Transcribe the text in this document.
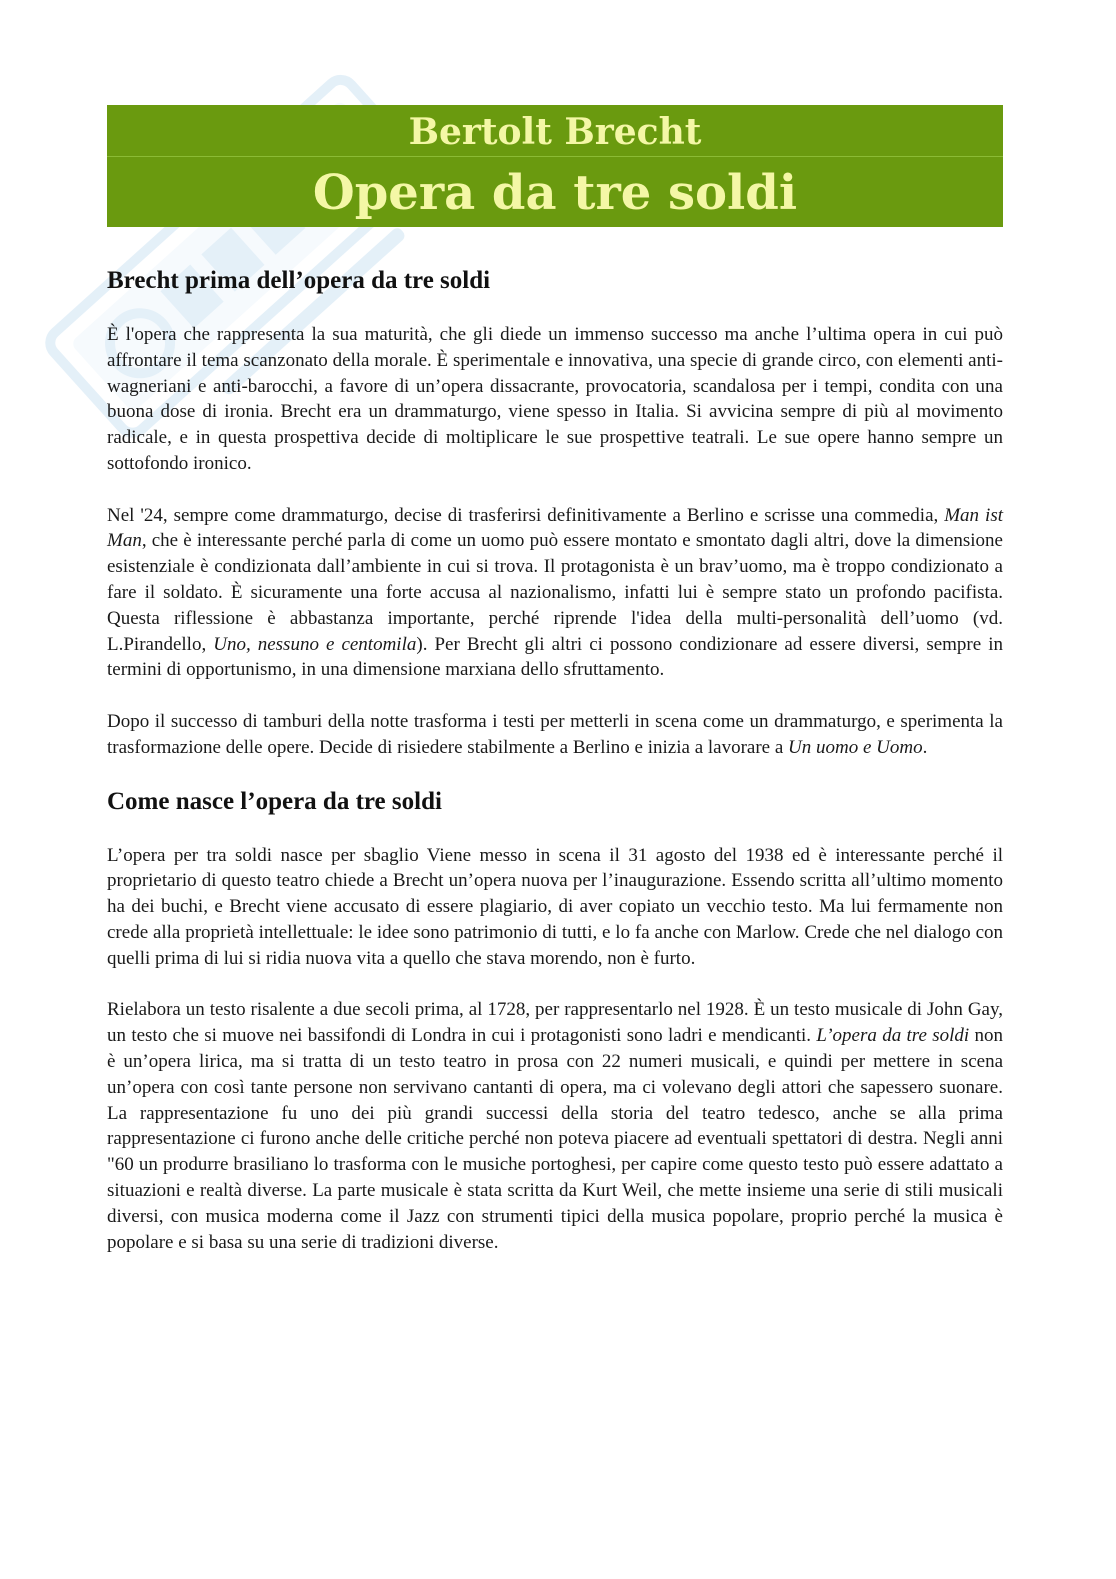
Bertolt Brecht
Opera da tre soldi
Brecht prima dell’opera da tre soldi

È l'opera che rappresenta la sua maturità, che gli diede un immenso successo ma anche l’ultima opera in cui può affrontare il tema scanzonato della morale. È sperimentale e innovativa, una specie di grande circo, con elementi anti-wagneriani e anti-barocchi, a favore di un’opera dissacrante, provocatoria, scandalosa per i tempi, condita con una buona dose di ironia. Brecht era un drammaturgo, viene spesso in Italia. Si avvicina sempre di più al movimento radicale, e in questa prospettiva decide di moltiplicare le sue prospettive teatrali. Le sue opere hanno sempre un sottofondo ironico.

Nel '24, sempre come drammaturgo, decise di trasferirsi definitivamente a Berlino e scrisse una commedia, Man ist Man, che è interessante perché parla di come un uomo può essere montato e smontato dagli altri, dove la dimensione esistenziale è condizionata dall’ambiente in cui si trova. Il protagonista è un brav’uomo, ma è troppo condizionato a fare il soldato. È sicuramente una forte accusa al nazionalismo, infatti lui è sempre stato un profondo pacifista. Questa riflessione è abbastanza importante, perché riprende l'idea della multi-personalità dell’uomo (vd. L.Pirandello, Uno, nessuno e centomila). Per Brecht gli altri ci possono condizionare ad essere diversi, sempre in termini di opportunismo, in una dimensione marxiana dello sfruttamento.

Dopo il successo di tamburi della notte trasforma i testi per metterli in scena come un drammaturgo, e sperimenta la trasformazione delle opere. Decide di risiedere stabilmente a Berlino e inizia a lavorare a Un uomo e Uomo.

Come nasce l’opera da tre soldi

L’opera per tra soldi nasce per sbaglio Viene messo in scena il 31 agosto del 1938 ed è interessante perché il proprietario di questo teatro chiede a Brecht un’opera nuova per l’inaugurazione. Essendo scritta all’ultimo momento ha dei buchi, e Brecht viene accusato di essere plagiario, di aver copiato un vecchio testo. Ma lui fermamente non crede alla proprietà intellettuale: le idee sono patrimonio di tutti, e lo fa anche con Marlow. Crede che nel dialogo con quelli prima di lui si ridia nuova vita a quello che stava morendo, non è furto.

Rielabora un testo risalente a due secoli prima, al 1728, per rappresentarlo nel 1928. È un testo musicale di John Gay, un testo che si muove nei bassifondi di Londra in cui i protagonisti sono ladri e mendicanti. L’opera da tre soldi non è un’opera lirica, ma si tratta di un testo teatro in prosa con 22 numeri musicali, e quindi per mettere in scena un’opera con così tante persone non servivano cantanti di opera, ma ci volevano degli attori che sapessero suonare. La rappresentazione fu uno dei più grandi successi della storia del teatro tedesco, anche se alla prima rappresentazione ci furono anche delle critiche perché non poteva piacere ad eventuali spettatori di destra. Negli anni "60 un produrre brasiliano lo trasforma con le musiche portoghesi, per capire come questo testo può essere adattato a situazioni e realtà diverse. La parte musicale è stata scritta da Kurt Weil, che mette insieme una serie di stili musicali diversi, con musica moderna come il Jazz con strumenti tipici della musica popolare, proprio perché la musica è popolare e si basa su una serie di tradizioni diverse.
